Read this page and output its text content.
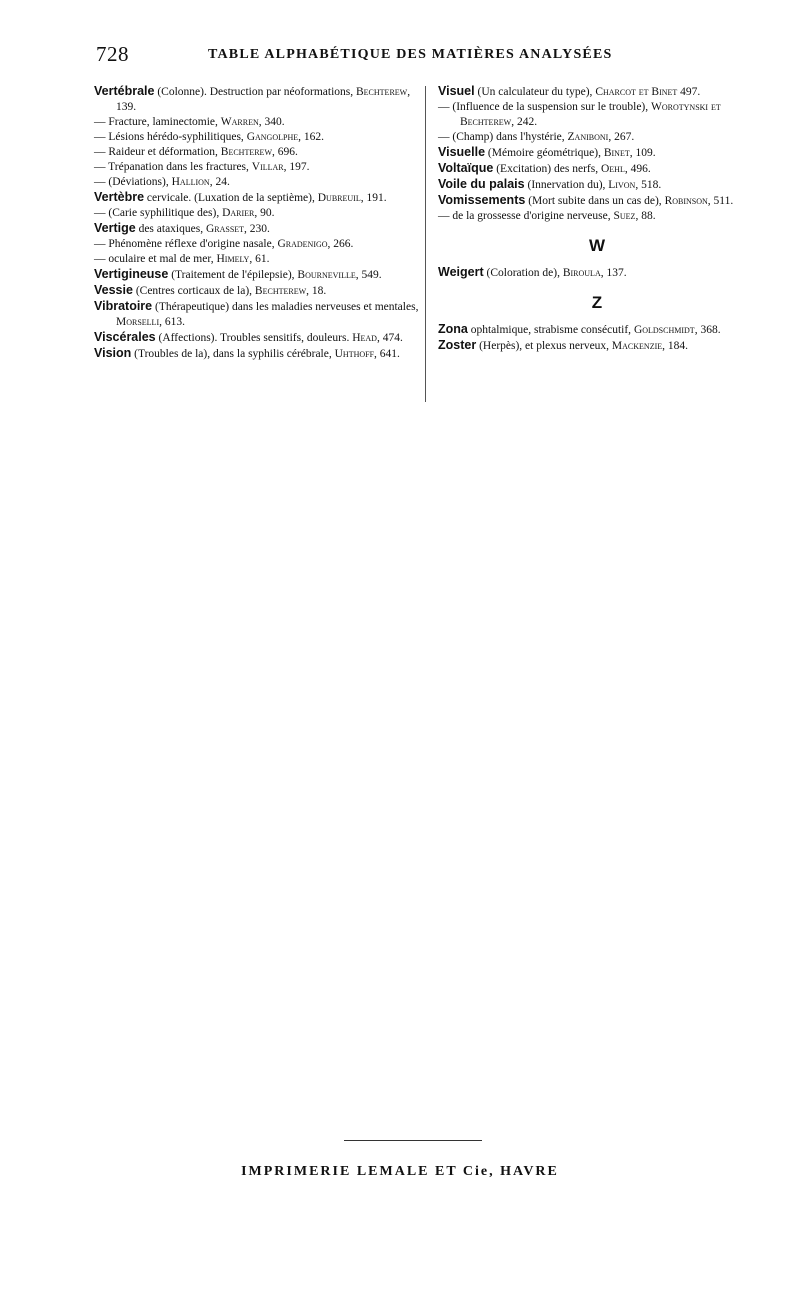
728	TABLE ALPHABÉTIQUE DES MATIÈRES ANALYSÉES

Vertébrale (Colonne). Destruction par néoformations, Bechterew, 139.

— Fracture, laminectomie, Warren, 340.

— Lésions hérédo-syphilitiques, Gangolphe, 162.

— Raideur et déformation, Bechterew, 696.

— Trépanation dans les fractures, Villar, 197.

— (Déviations), Hallion, 24.

Vertèbre cervicale. (Luxation de la septième), Dubreuil, 191.

— (Carie syphilitique des), Darier, 90.

Vertige des ataxiques, Grasset, 230.

— Phénomène réflexe d'origine nasale, Gradenigo, 266.

— oculaire et mal de mer, Himely, 61.

Vertigineuse (Traitement de l'épilepsie), Bourneville, 549.

Vessie (Centres corticaux de la), Bechterew, 18.

Vibratoire (Thérapeutique) dans les maladies nerveuses et mentales, Morselli, 613.

Viscérales (Affections). Troubles sensitifs, douleurs. Head, 474.

Vision (Troubles de la), dans la syphilis cérébrale, Uhthoff, 641.

Visuel (Un calculateur du type), Charcot et Binet 497.

— (Influence de la suspension sur le trouble), Worotynski et Bechterew, 242.

— (Champ) dans l'hystérie, Zaniboni, 267.

Visuelle (Mémoire géométrique), Binet, 109.

Voltaïque (Excitation) des nerfs, Oehl, 496.

Voile du palais (Innervation du), Livon, 518.

Vomissements (Mort subite dans un cas de), Robinson, 511.

— de la grossesse d'origine nerveuse, Suez, 88.

W

Weigert (Coloration de), Biroula, 137.

Z

Zona ophtalmique, strabisme consécutif, Goldschmidt, 368.

Zoster (Herpès), et plexus nerveux, Mackenzie, 184.

IMPRIMERIE LEMALE ET Cie, HAVRE
